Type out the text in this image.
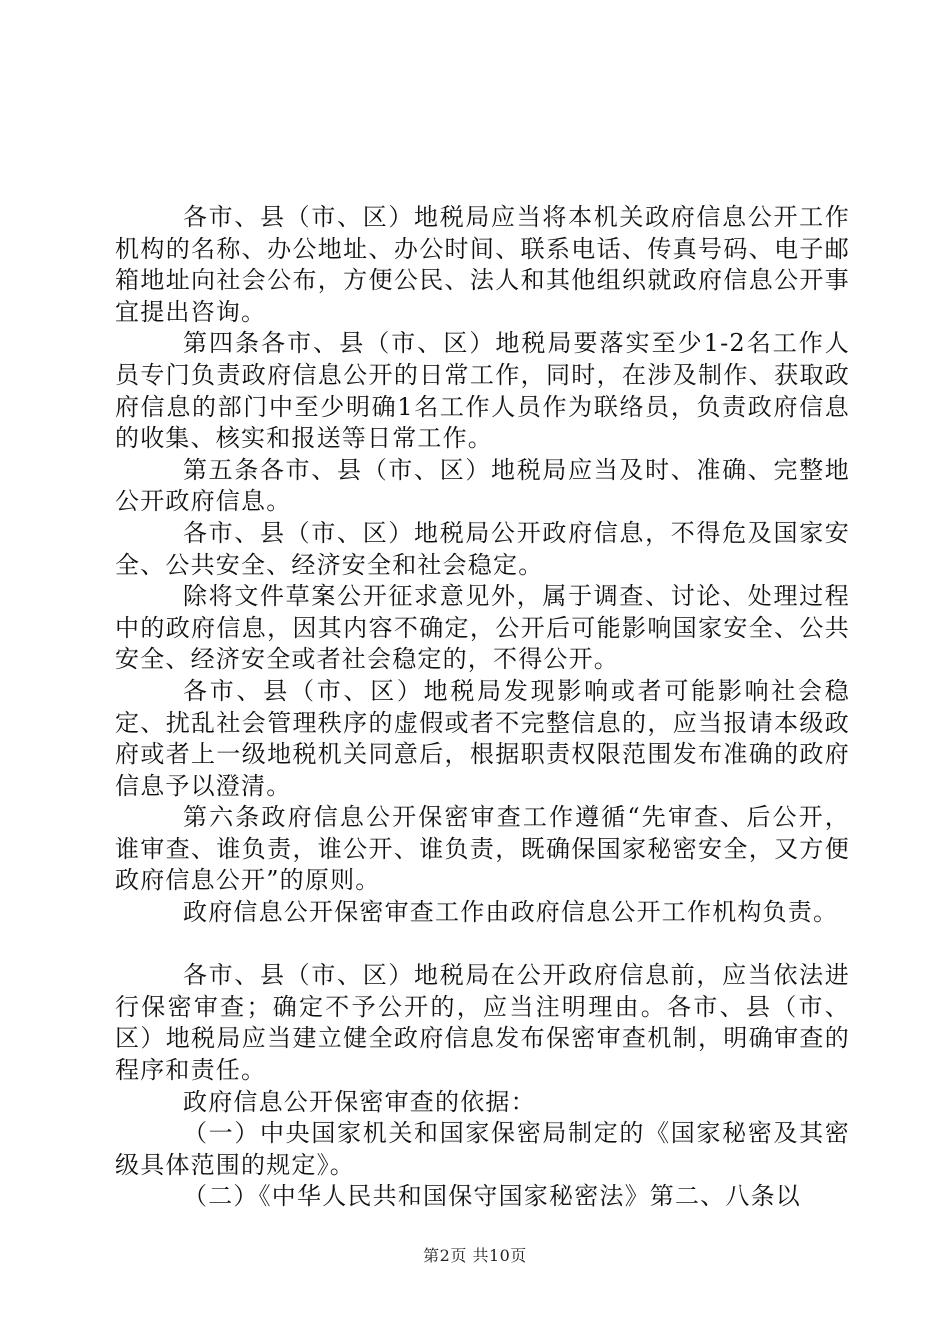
各市、县（市、区）地税局应当将本机关政府信息公开工作机构的名称、办公地址、办公时间、联系电话、传真号码、电子邮箱地址向社会公布，方便公民、法人和其他组织就政府信息公开事宜提出咨询。

第四条各市、县（市、区）地税局要落实至少1-2名工作人员专门负责政府信息公开的日常工作，同时，在涉及制作、获取政府信息的部门中至少明确1名工作人员作为联络员，负责政府信息的收集、核实和报送等日常工作。

第五条各市、县（市、区）地税局应当及时、准确、完整地公开政府信息。

各市、县（市、区）地税局公开政府信息，不得危及国家安全、公共安全、经济安全和社会稳定。

除将文件草案公开征求意见外，属于调查、讨论、处理过程中的政府信息，因其内容不确定，公开后可能影响国家安全、公共安全、经济安全或者社会稳定的，不得公开。

各市、县（市、区）地税局发现影响或者可能影响社会稳定、扰乱社会管理秩序的虚假或者不完整信息的，应当报请本级政府或者上一级地税机关同意后，根据职责权限范围发布准确的政府信息予以澄清。

第六条政府信息公开保密审查工作遵循“先审查、后公开，谁审查、谁负责，谁公开、谁负责，既确保国家秘密安全，又方便政府信息公开”的原则。

政府信息公开保密审查工作由政府信息公开工作机构负责。

各市、县（市、区）地税局在公开政府信息前，应当依法进行保密审查；确定不予公开的，应当注明理由。各市、县（市、区）地税局应当建立健全政府信息发布保密审查机制，明确审查的程序和责任。

政府信息公开保密审查的依据：

（一）中央国家机关和国家保密局制定的《国家秘密及其密级具体范围的规定》。

（二）《中华人民共和国保守国家秘密法》第二、八条以

第2页 共10页
